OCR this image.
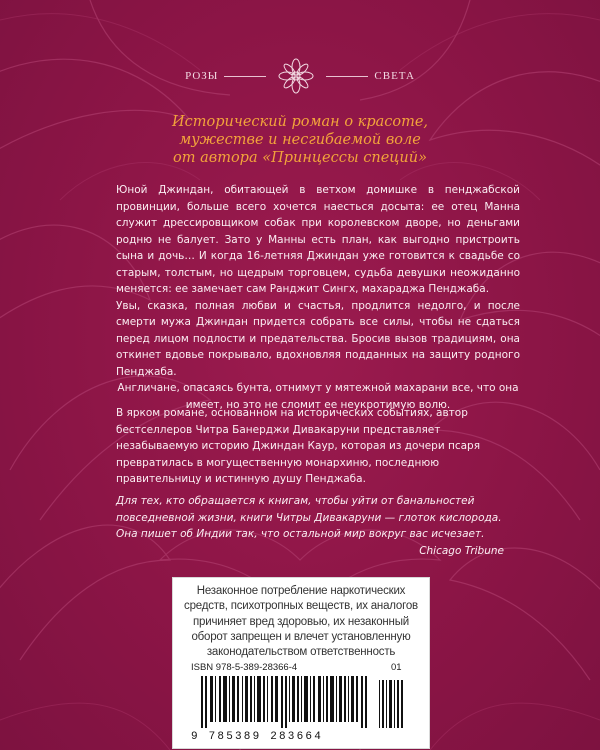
РОЗЫ	СВЕТА
Исторический роман о красоте,
мужестве и несгибаемой воле
от автора «Принцессы специй»

Юной Джиндан, обитающей в ветхом домишке в пенджабской провинции, больше всего хочется наесться досыта: ее отец Манна служит дрессировщиком собак при королевском дворе, но деньгами родню не балует. Зато у Манны есть план, как выгодно пристроить сына и дочь… И когда 16-летняя Джиндан уже готовится к свадьбе со старым, толстым, но щедрым торговцем, судьба девушки неожиданно меняется: ее замечает сам Ранджит Сингх, махараджа Пенджаба.

Увы, сказка, полная любви и счастья, продлится недолго, и после смерти мужа Джиндан придется собрать все силы, чтобы не сдаться перед лицом подлости и предательства. Бросив вызов традициям, она откинет вдовье покрывало, вдохновляя подданных на защиту родного Пенджаба.

Англичане, опасаясь бунта, отнимут у мятежной махарани все, что она имеет, но это не сломит ее неукротимую волю.

В ярком романе, основанном на исторических событиях, автор бестселлеров Читра Банерджи Дивакаруни представляет незабываемую историю Джиндан Каур, которая из дочери псаря превратилась в могущественную монархиню, последнюю правительницу и истинную душу Пенджаба.
Для тех, кто обращается к книгам, чтобы уйти от банальностей повседневной жизни, книги Читры Дивакаруни — глоток кислорода. Она пишет об Индии так, что остальной мир вокруг вас исчезает.
Chicago Tribune
Незаконное потребление наркотических средств, психотропных веществ, их аналогов причиняет вред здоровью, их незаконный оборот запрещен и влечет установленную законодательством ответственность
ISBN 978-5-389-28366-4	01
9 785389 283664
